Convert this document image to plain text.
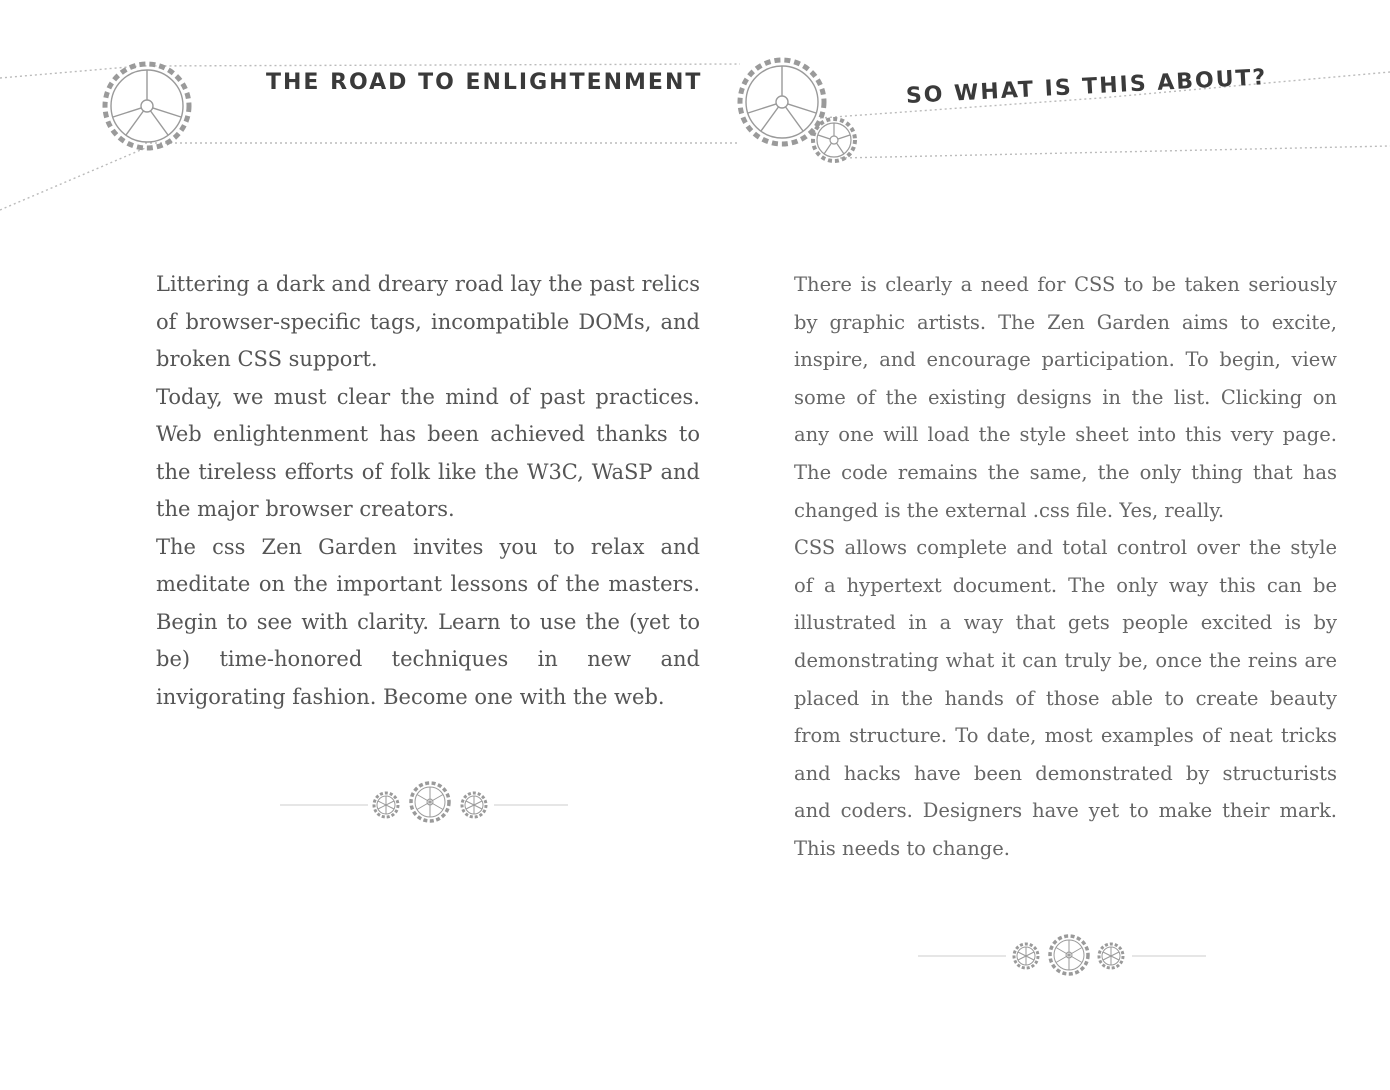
THE ROAD TO ENLIGHTENMENT	SO WHAT IS THIS ABOUT?

Littering a dark and dreary road lay the past relics of browser-specific tags, incompatible DOMs, and broken CSS support.

Today, we must clear the mind of past practices. Web enlightenment has been achieved thanks to the tireless efforts of folk like the W3C, WaSP and the major browser creators.

The css Zen Garden invites you to relax and meditate on the important lessons of the masters. Begin to see with clarity. Learn to use the (yet to be) time-honored techniques in new and invigorating fashion. Become one with the web.

There is clearly a need for CSS to be taken seriously by graphic artists. The Zen Garden aims to excite, inspire, and encourage participation. To begin, view some of the existing designs in the list. Clicking on any one will load the style sheet into this very page. The code remains the same, the only thing that has changed is the external .css file. Yes, really.

CSS allows complete and total control over the style of a hypertext document. The only way this can be illustrated in a way that gets people excited is by demonstrating what it can truly be, once the reins are placed in the hands of those able to create beauty from structure. To date, most examples of neat tricks and hacks have been demonstrated by structurists and coders. Designers have yet to make their mark. This needs to change.
